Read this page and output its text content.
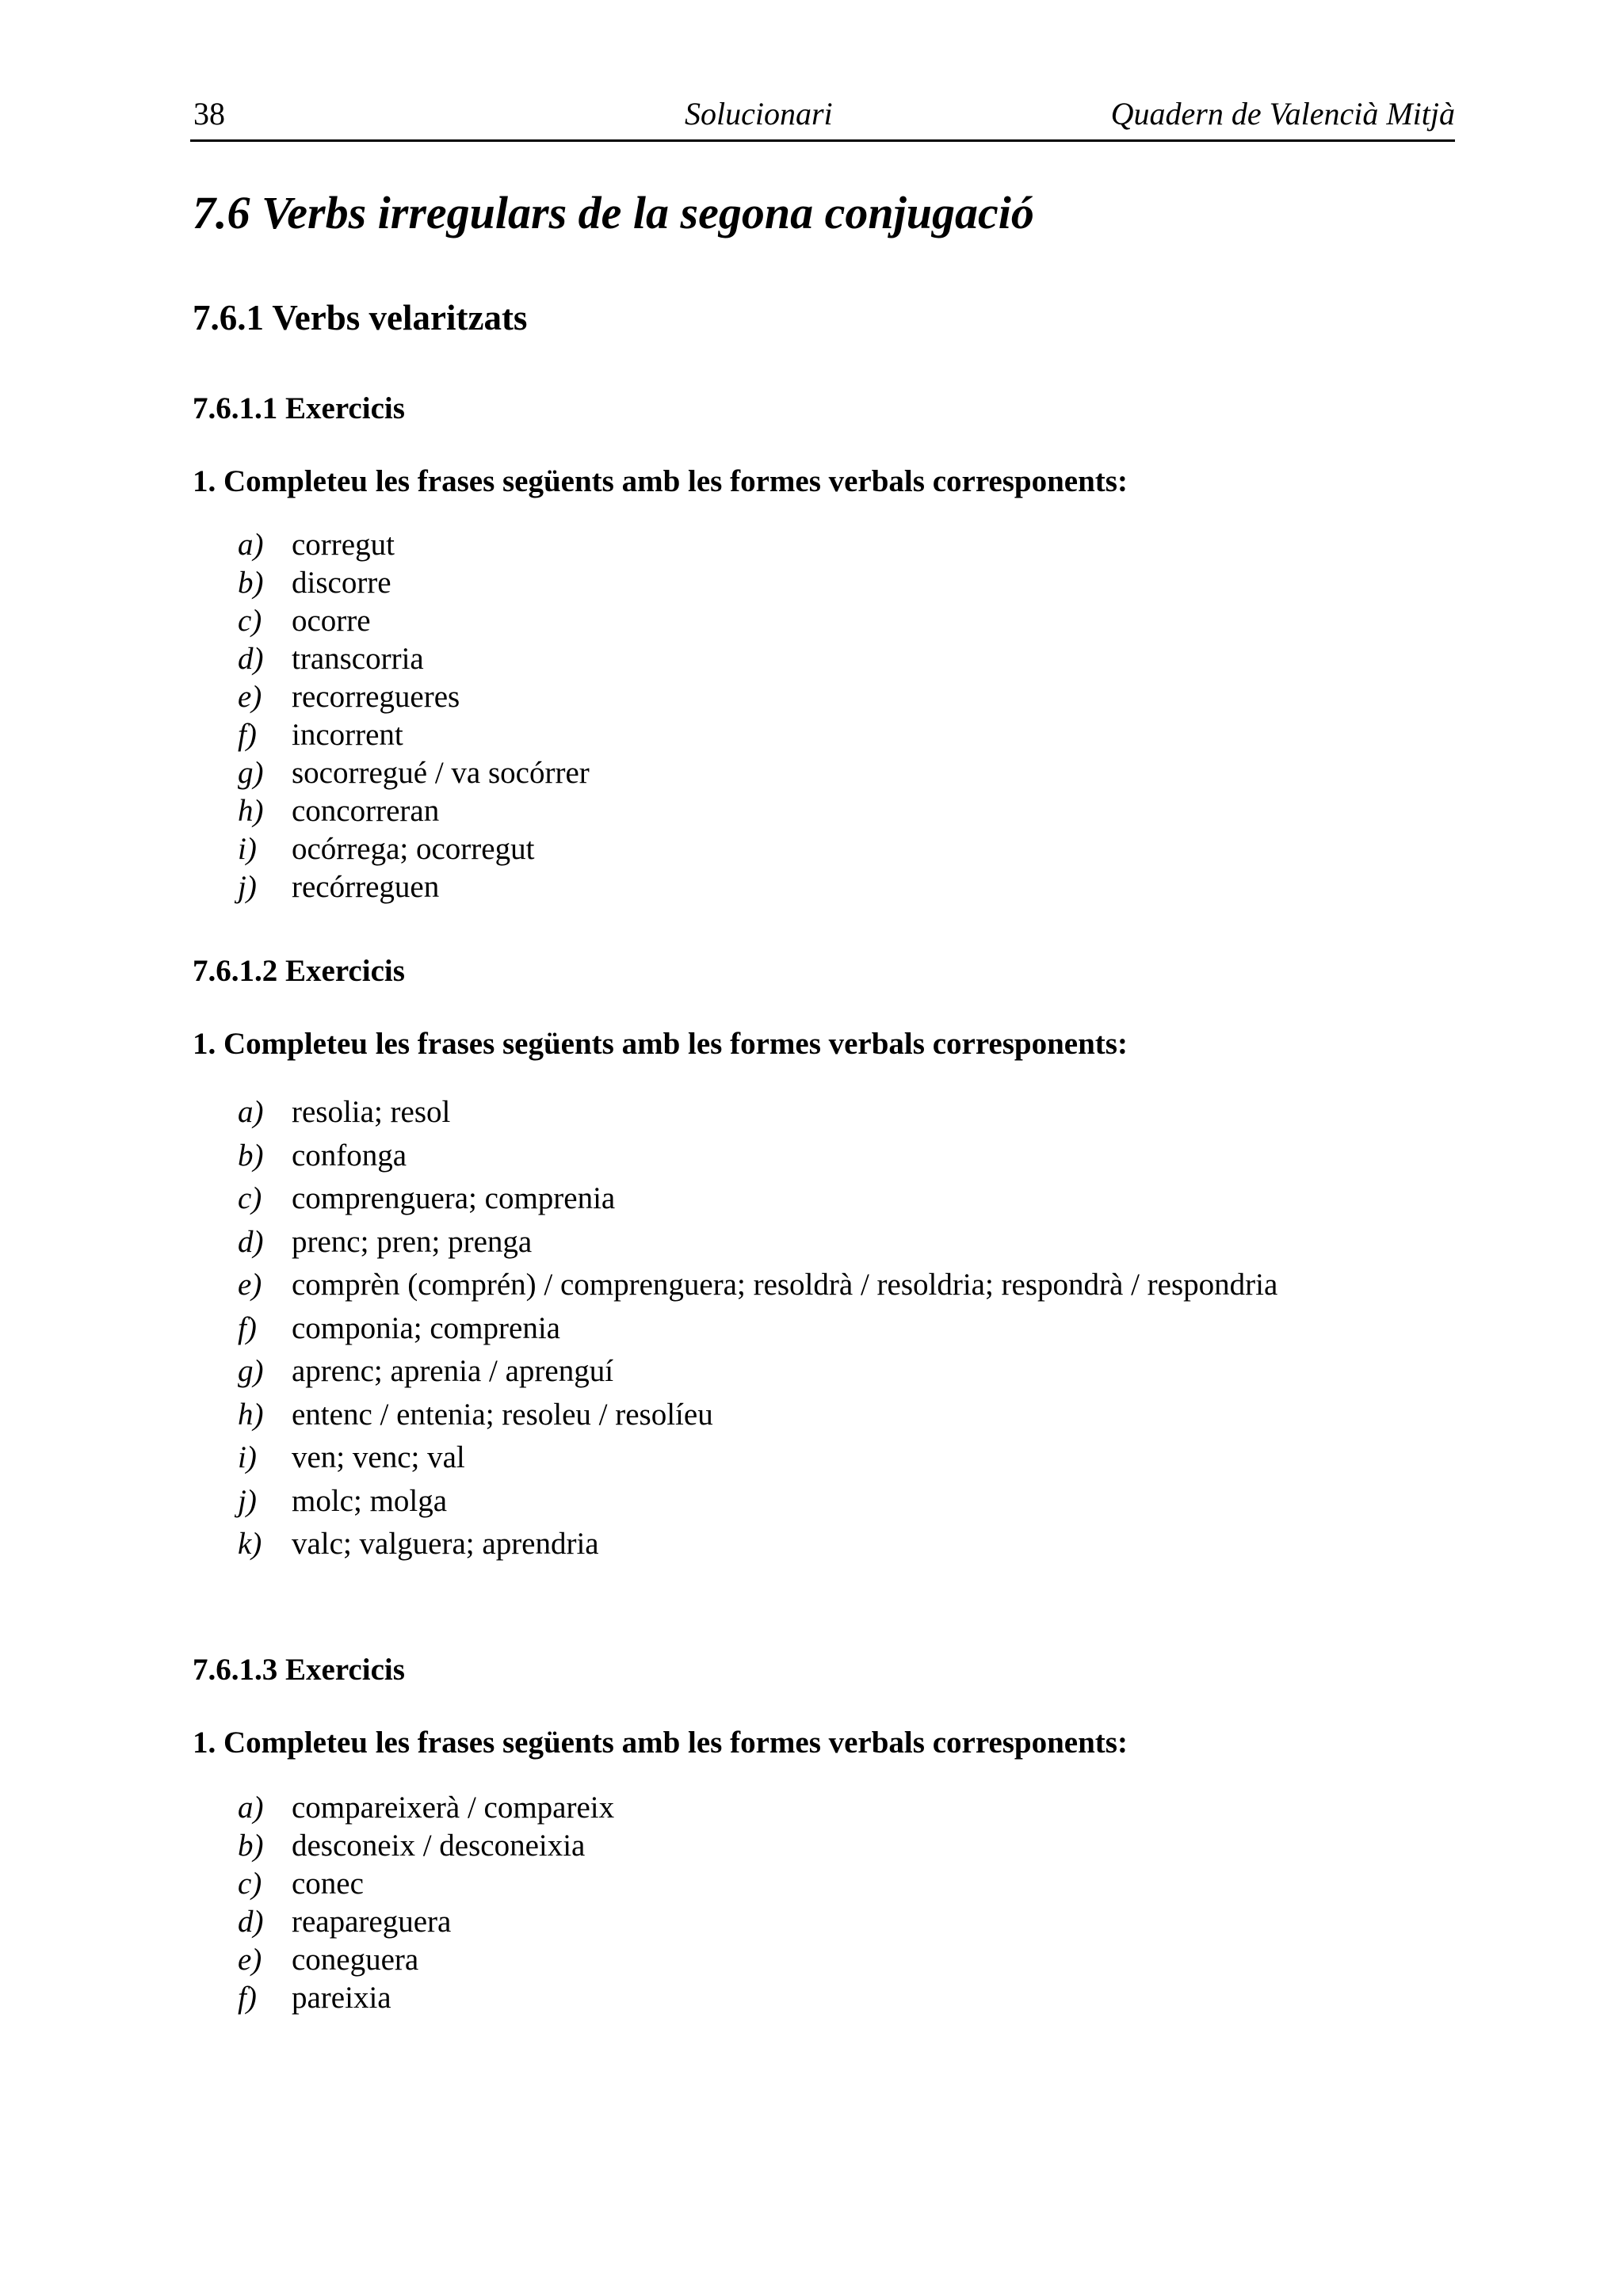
38	Solucionari	Quadern de Valencià Mitjà
7.6 Verbs irregulars de la segona conjugació
7.6.1 Verbs velaritzats
7.6.1.1 Exercicis
1. Completeu les frases següents amb les formes verbals corresponents:
a) corregut
b) discorre
c) ocorre
d) transcorria
e) recorregueres
f) incorrent
g) socorregué / va socórrer
h) concorreran
i) ocórrega; ocorregut
j) recórreguen
7.6.1.2 Exercicis
1. Completeu les frases següents amb les formes verbals corresponents:
a) resolia; resol
b) confonga
c) comprenguera; comprenia
d) prenc; pren; prenga
e) comprèn (comprén) / comprenguera; resoldrà / resoldria; respondrà / respondria
f) componia; comprenia
g) aprenc; aprenia / aprenguí
h) entenc / entenia; resoleu / resolíeu
i) ven; venc; val
j) molc; molga
k) valc; valguera; aprendria
7.6.1.3 Exercicis
1. Completeu les frases següents amb les formes verbals corresponents:
a) compareixerà / compareix
b) desconeix / desconeixia
c) conec
d) reapareguera
e) coneguera
f) pareixia
